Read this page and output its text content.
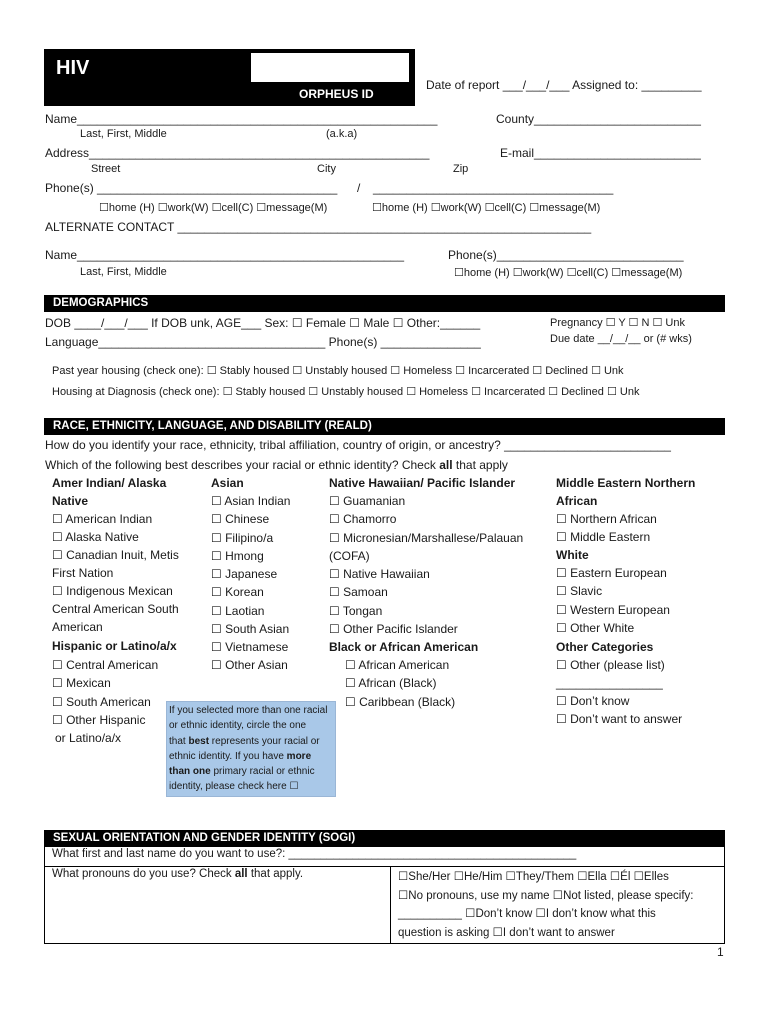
HIV
ORPHEUS ID
Date of report ___/___/___ Assigned to: _________
Name______________________________________________________	County_________________________
Last, First, Middle	(a.k.a)
Address___________________________________________________	E-mail_________________________
Street	City	Zip
Phone(s) ____________________________________ / ____________________________________
☐home (H) ☐work(W) ☐cell(C) ☐message(M)	☐home (H) ☐work(W) ☐cell(C) ☐message(M)
ALTERNATE CONTACT ______________________________________________________________
Name_________________________________________________	Phone(s)____________________________
Last, First, Middle	☐home (H) ☐work(W) ☐cell(C) ☐message(M)
DEMOGRAPHICS
DOB ____/___/___ If DOB unk, AGE___ Sex: ☐ Female ☐ Male ☐ Other:______	Pregnancy ☐ Y ☐ N ☐ Unk
Language__________________________________ Phone(s) _______________	Due date __/__/__ or (# wks)
Past year housing (check one): ☐ Stably housed ☐ Unstably housed ☐ Homeless ☐ Incarcerated ☐ Declined ☐ Unk
Housing at Diagnosis (check one): ☐ Stably housed ☐ Unstably housed ☐ Homeless ☐ Incarcerated ☐ Declined ☐ Unk
RACE, ETHNICITY, LANGUAGE, AND DISABILITY (REALD)
How do you identify your race, ethnicity, tribal affiliation, country of origin, or ancestry? _________________________
Which of the following best describes your racial or ethnic identity? Check all that apply
Amer Indian/ Alaska
Native
☐ American Indian
☐ Alaska Native
☐ Canadian Inuit, Metis
First Nation
☐ Indigenous Mexican
Central American South
American
Hispanic or Latino/a/x
☐ Central American
☐ Mexican
☐ South American
☐ Other Hispanic
or Latino/a/x
Asian
☐ Asian Indian
☐ Chinese
☐ Filipino/a
☐ Hmong
☐ Japanese
☐ Korean
☐ Laotian
☐ South Asian
☐ Vietnamese
☐ Other Asian
Native Hawaiian/ Pacific Islander
☐ Guamanian
☐ Chamorro
☐ Micronesian/Marshallese/Palauan
(COFA)
☐ Native Hawaiian
☐ Samoan
☐ Tongan
☐ Other Pacific Islander
Black or African American
☐ African American
☐ African (Black)
☐ Caribbean (Black)
Middle Eastern Northern
African
☐ Northern African
☐ Middle Eastern
White
☐ Eastern European
☐ Slavic
☐ Western European
☐ Other White
Other Categories
☐ Other (please list)
________________
☐ Don’t know
☐ Don’t want to answer
If you selected more than one racial
or ethnic identity, circle the one
that best represents your racial or
ethnic identity. If you have more
than one primary racial or ethnic
identity, please check here ☐
SEXUAL ORIENTATION AND GENDER IDENTITY (SOGI)
What first and last name do you want to use?: _____________________________________________
What pronouns do you use? Check all that apply.	☐She/Her ☐He/Him ☐They/Them ☐Ella ☐Él ☐Elles
☐No pronouns, use my name ☐Not listed, please specify:
__________ ☐Don’t know ☐I don’t know what this
question is asking ☐I don’t want to answer
1
